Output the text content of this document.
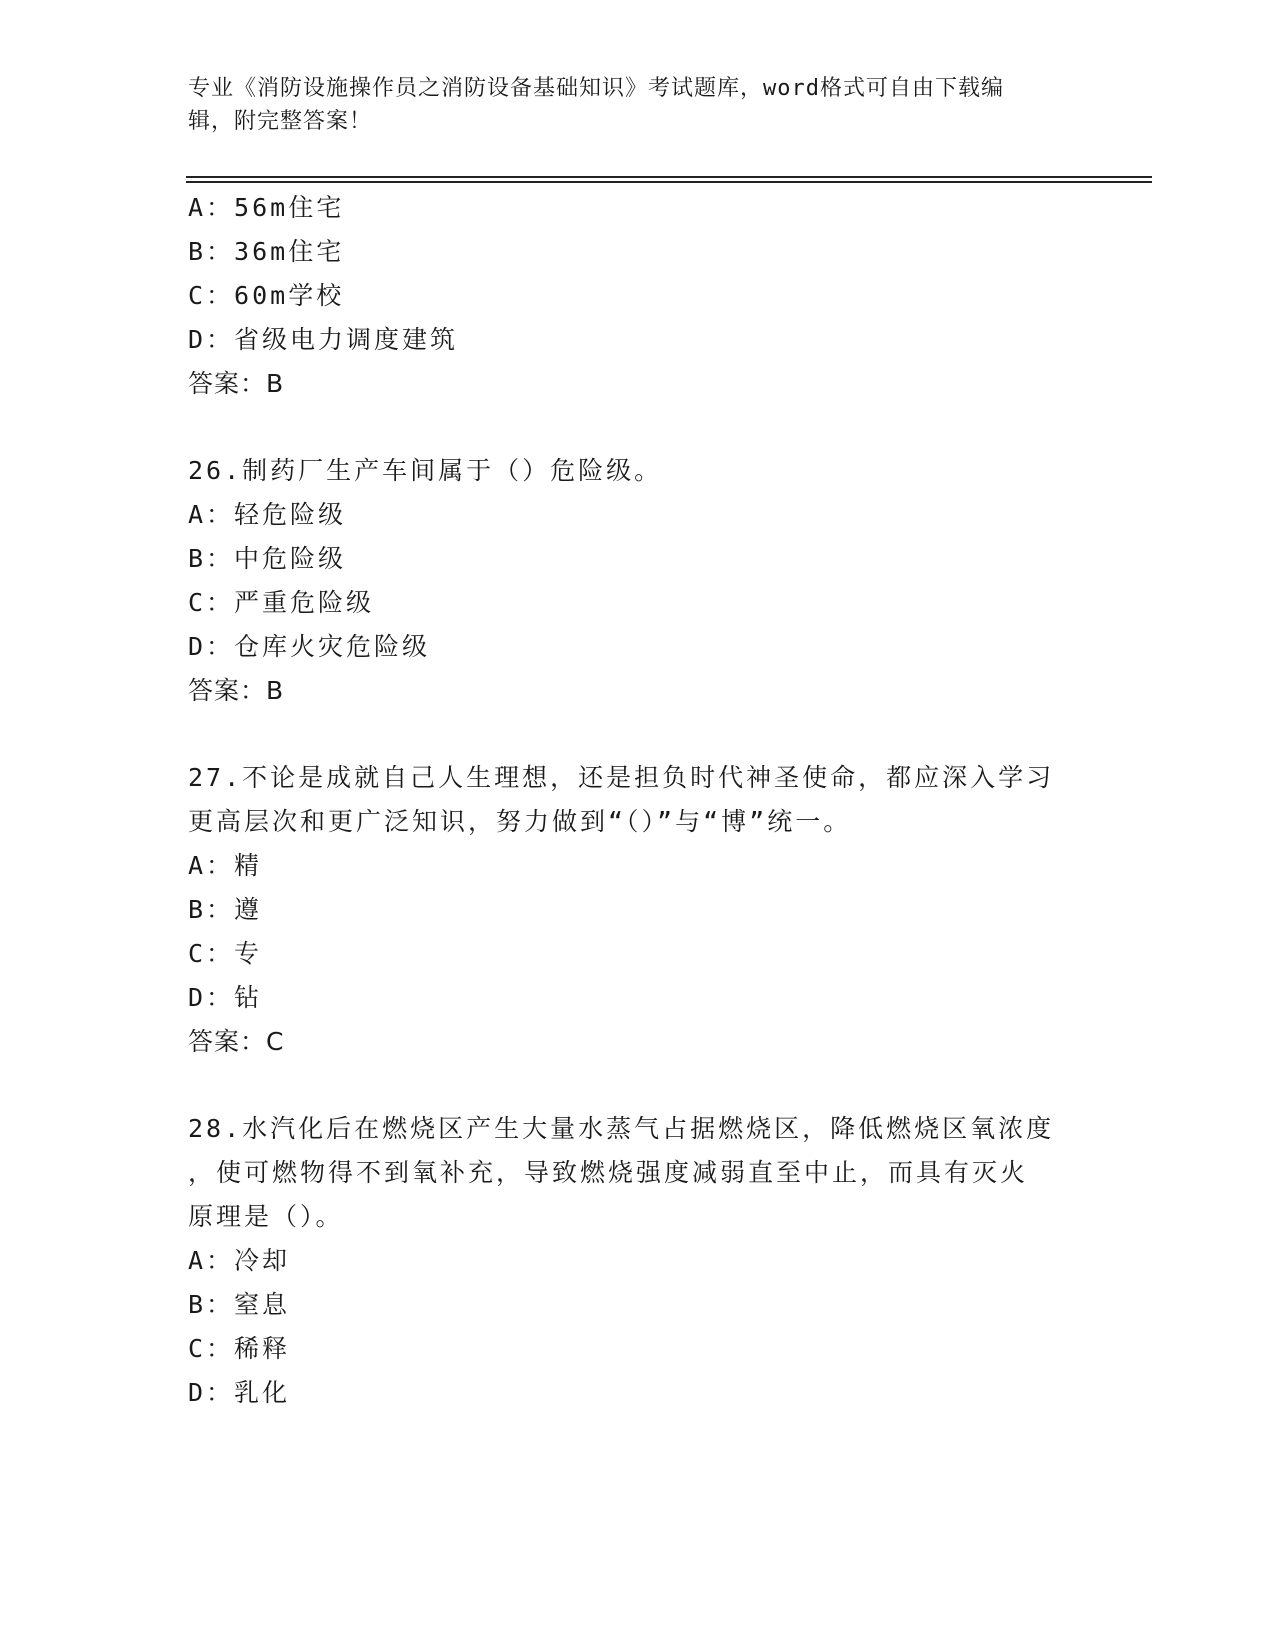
专业《消防设施操作员之消防设备基础知识》考试题库，word格式可自由下载编
辑，附完整答案！
A：56m住宅
B：36m住宅
C：60m学校
D：省级电力调度建筑
答案：B
26.制药厂生产车间属于（）危险级。
A：轻危险级
B：中危险级
C：严重危险级
D：仓库火灾危险级
答案：B
27.不论是成就自己人生理想，还是担负时代神圣使命，都应深入学习
更高层次和更广泛知识，努力做到“（）”与“博”统一。
A：精
B：遵
C：专
D：钻
答案：C
28.水汽化后在燃烧区产生大量水蒸气占据燃烧区，降低燃烧区氧浓度
，使可燃物得不到氧补充，导致燃烧强度减弱直至中止，而具有灭火
原理是（）。
A：冷却
B：窒息
C：稀释
D：乳化
